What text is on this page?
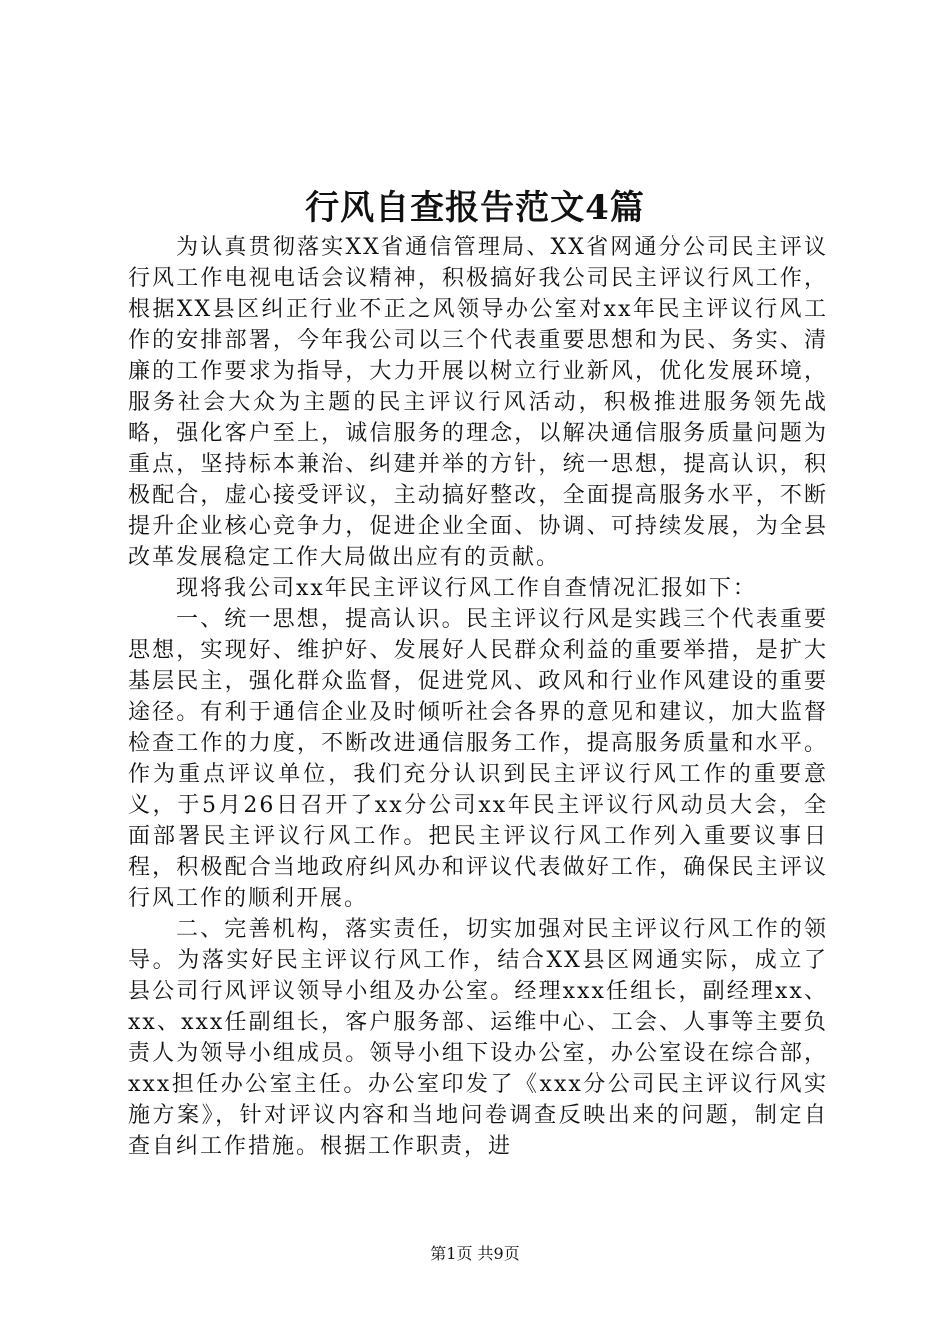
行风自查报告范文4篇

为认真贯彻落实XX省通信管理局、XX省网通分公司民主评议行风工作电视电话会议精神，积极搞好我公司民主评议行风工作，根据XX县区纠正行业不正之风领导办公室对xx年民主评议行风工作的安排部署，今年我公司以三个代表重要思想和为民、务实、清廉的工作要求为指导，大力开展以树立行业新风，优化发展环境，服务社会大众为主题的民主评议行风活动，积极推进服务领先战略，强化客户至上，诚信服务的理念，以解决通信服务质量问题为重点，坚持标本兼治、纠建并举的方针，统一思想，提高认识，积极配合，虚心接受评议，主动搞好整改，全面提高服务水平，不断提升企业核心竞争力，促进企业全面、协调、可持续发展，为全县改革发展稳定工作大局做出应有的贡献。

现将我公司xx年民主评议行风工作自查情况汇报如下：

一、统一思想，提高认识。民主评议行风是实践三个代表重要思想，实现好、维护好、发展好人民群众利益的重要举措，是扩大基层民主，强化群众监督，促进党风、政风和行业作风建设的重要途径。有利于通信企业及时倾听社会各界的意见和建议，加大监督检查工作的力度，不断改进通信服务工作，提高服务质量和水平。作为重点评议单位，我们充分认识到民主评议行风工作的重要意义，于5月26日召开了xx分公司xx年民主评议行风动员大会，全面部署民主评议行风工作。把民主评议行风工作列入重要议事日程，积极配合当地政府纠风办和评议代表做好工作，确保民主评议行风工作的顺利开展。

二、完善机构，落实责任，切实加强对民主评议行风工作的领导。为落实好民主评议行风工作，结合XX县区网通实际，成立了县公司行风评议领导小组及办公室。经理xxx任组长，副经理xx、xx、xxx任副组长，客户服务部、运维中心、工会、人事等主要负责人为领导小组成员。领导小组下设办公室，办公室设在综合部，xxx担任办公室主任。办公室印发了《xxx分公司民主评议行风实施方案》，针对评议内容和当地问卷调查反映出来的问题，制定自查自纠工作措施。根据工作职责，进

第1页 共9页
